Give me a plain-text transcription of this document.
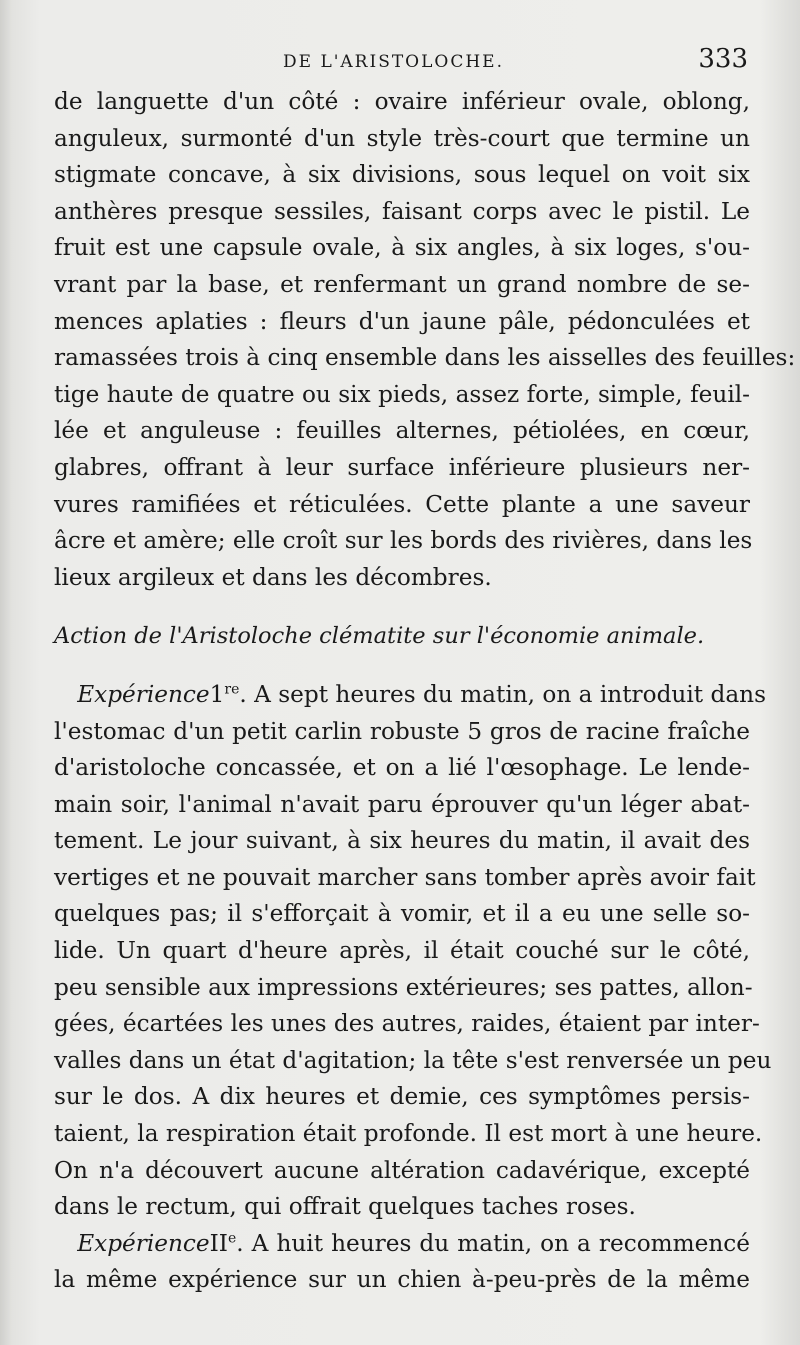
DE L'ARISTOLOCHE.	333
de languette d'un côté : ovaire inférieur ovale, oblong,
anguleux, surmonté d'un style très-court que termine un
stigmate concave, à six divisions, sous lequel on voit six
anthères presque sessiles, faisant corps avec le pistil. Le
fruit est une capsule ovale, à six angles, à six loges, s'ou-
vrant par la base, et renfermant un grand nombre de se-
mences aplaties : fleurs d'un jaune pâle, pédonculées et
ramassées trois à cinq ensemble dans les aisselles des feuilles:
tige haute de quatre ou six pieds, assez forte, simple, feuil-
lée et anguleuse : feuilles alternes, pétiolées, en cœur,
glabres, offrant à leur surface inférieure plusieurs ner-
vures ramifiées et réticulées. Cette plante a une saveur
âcre et amère; elle croît sur les bords des rivières, dans les
lieux argileux et dans les décombres.
Action de l'Aristoloche clématite sur l'économie animale.
 Expérience1re. A sept heures du matin, on a introduit dans
l'estomac d'un petit carlin robuste 5 gros de racine fraîche
d'aristoloche concassée, et on a lié l'œsophage. Le lende-
main soir, l'animal n'avait paru éprouver qu'un léger abat-
tement. Le jour suivant, à six heures du matin, il avait des
vertiges et ne pouvait marcher sans tomber après avoir fait
quelques pas; il s'efforçait à vomir, et il a eu une selle so-
lide. Un quart d'heure après, il était couché sur le côté,
peu sensible aux impressions extérieures; ses pattes, allon-
gées, écartées les unes des autres, raides, étaient par inter-
valles dans un état d'agitation; la tête s'est renversée un peu
sur le dos. A dix heures et demie, ces symptômes persis-
taient, la respiration était profonde. Il est mort à une heure.
On n'a découvert aucune altération cadavérique, excepté
dans le rectum, qui offrait quelques taches roses.
 ExpérienceII$^e$. A huit heures du matin, on a recommencé
la même expérience sur un chien à-peu-près de la même
